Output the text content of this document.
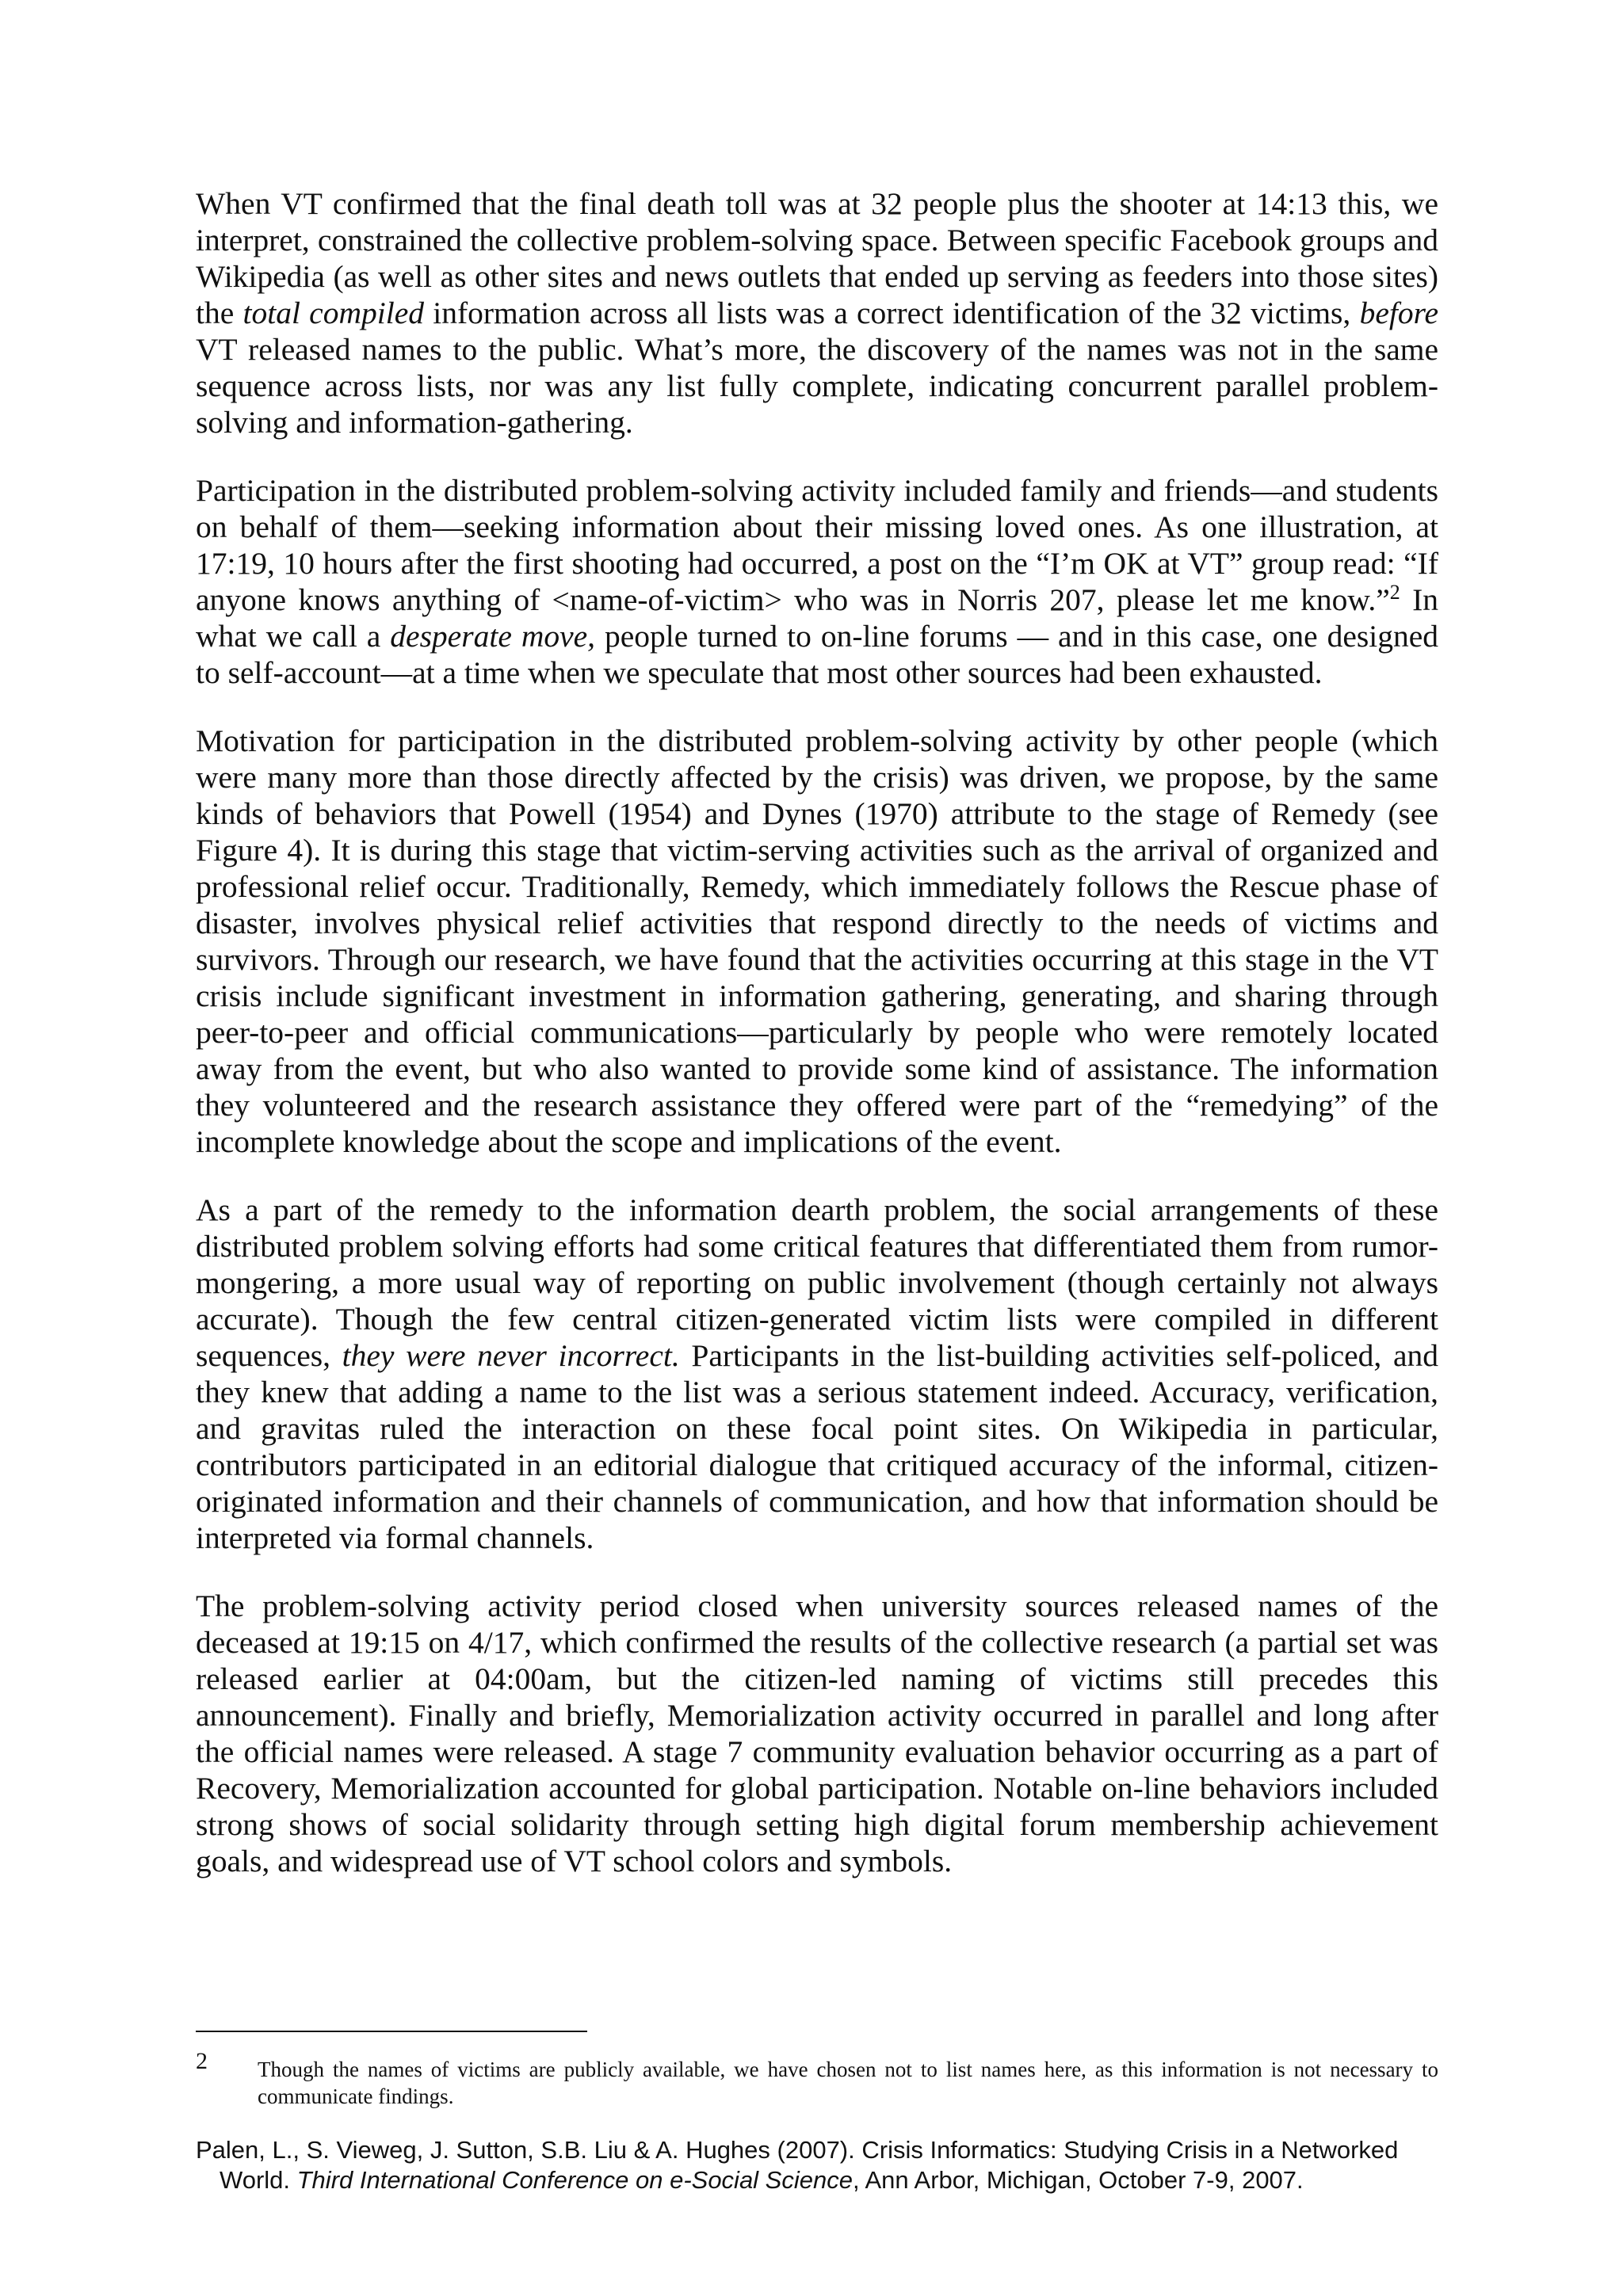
When VT confirmed that the final death toll was at 32 people plus the shooter at 14:13 this, we interpret, constrained the collective problem-solving space. Between specific Facebook groups and Wikipedia (as well as other sites and news outlets that ended up serving as feeders into those sites) the total compiled information across all lists was a correct identification of the 32 victims, before VT released names to the public. What’s more, the discovery of the names was not in the same sequence across lists, nor was any list fully complete, indicating concurrent parallel problem-solving and information-gathering.

Participation in the distributed problem-solving activity included family and friends—and students on behalf of them—seeking information about their missing loved ones. As one illustration, at 17:19, 10 hours after the first shooting had occurred, a post on the “I’m OK at VT” group read: “If anyone knows anything of <name-of-victim> who was in Norris 207, please let me know.”$^2$ In what we call a desperate move, people turned to on-line forums — and in this case, one designed to self-account—at a time when we speculate that most other sources had been exhausted.

Motivation for participation in the distributed problem-solving activity by other people (which were many more than those directly affected by the crisis) was driven, we propose, by the same kinds of behaviors that Powell (1954) and Dynes (1970) attribute to the stage of Remedy (see Figure 4). It is during this stage that victim-serving activities such as the arrival of organized and professional relief occur. Traditionally, Remedy, which immediately follows the Rescue phase of disaster, involves physical relief activities that respond directly to the needs of victims and survivors. Through our research, we have found that the activities occurring at this stage in the VT crisis include significant investment in information gathering, generating, and sharing through peer-to-peer and official communications—particularly by people who were remotely located away from the event, but who also wanted to provide some kind of assistance. The information they volunteered and the research assistance they offered were part of the “remedying” of the incomplete knowledge about the scope and implications of the event.

As a part of the remedy to the information dearth problem, the social arrangements of these distributed problem solving efforts had some critical features that differentiated them from rumor-mongering, a more usual way of reporting on public involvement (though certainly not always accurate). Though the few central citizen-generated victim lists were compiled in different sequences, they were never incorrect. Participants in the list-building activities self-policed, and they knew that adding a name to the list was a serious statement indeed. Accuracy, verification, and gravitas ruled the interaction on these focal point sites. On Wikipedia in particular, contributors participated in an editorial dialogue that critiqued accuracy of the informal, citizen-originated information and their channels of communication, and how that information should be interpreted via formal channels.

The problem-solving activity period closed when university sources released names of the deceased at 19:15 on 4/17, which confirmed the results of the collective research (a partial set was released earlier at 04:00am, but the citizen-led naming of victims still precedes this announcement). Finally and briefly, Memorialization activity occurred in parallel and long after the official names were released. A stage 7 community evaluation behavior occurring as a part of Recovery, Memorialization accounted for global participation. Notable on-line behaviors included strong shows of social solidarity through setting high digital forum membership achievement goals, and widespread use of VT school colors and symbols.

2 Though the names of victims are publicly available, we have chosen not to list names here, as this information is not necessary to communicate findings.
Palen, L., S. Vieweg, J. Sutton, S.B. Liu & A. Hughes (2007). Crisis Informatics: Studying Crisis in a Networked
World. Third International Conference on e-Social Science, Ann Arbor, Michigan, October 7-9, 2007.
